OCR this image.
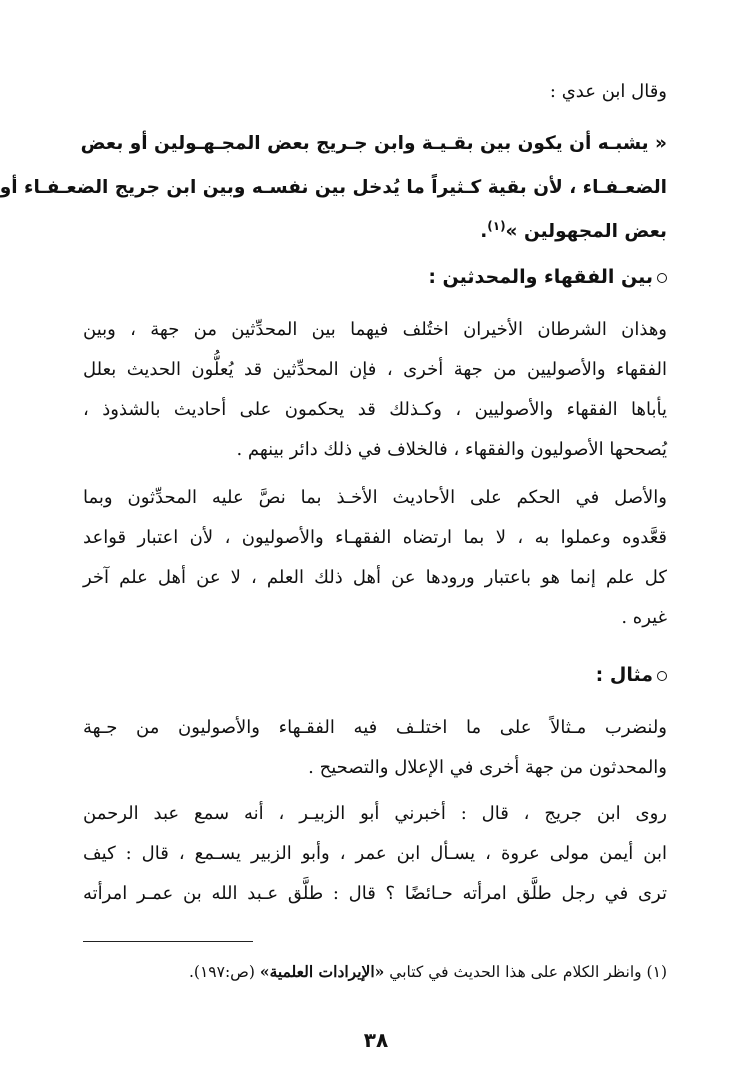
وقال ابن عدي :
« يشبـه أن يكون بين بقـيـة وابن جـريج بعض المجـهـولين أو بعض
الضعـفـاء ، لأن بقية كـثيراً ما يُدخل بين نفسـه وبين ابن جريج الضعـفـاء أو
بعض المجهولين »$^{(١)}$.
بين الفقهاء والمحدثين :
وهذان الشرطان الأخيران اختُلف فيهما بين المحدِّثين من جهة ، وبين
الفقهاء والأصوليين من جهة أخرى ، فإن المحدِّثين قد يُعلُّون الحديث بعلل
يأباها الفقهاء والأصوليين ، وكـذلك قد يحكمون على أحاديث بالشذوذ ،
يُصححها الأصوليون والفقهاء ، فالخلاف في ذلك دائر بينهم .
والأصل في الحكم على الأحاديث الأخـذ بما نصَّ عليه المحدِّثون وبما
قعَّدوه وعملوا به ، لا بما ارتضاه الفقهـاء والأصوليون ، لأن اعتبار قواعد
كل علم إنما هو باعتبار ورودها عن أهل ذلك العلم ، لا عن أهل علم آخر
غيره .
مثال :
ولنضرب مـثالاً على ما اختلـف فيه الفقـهاء والأصوليون من جـهة
والمحدثون من جهة أخرى في الإعلال والتصحيح .
روى ابن جريج ، قال : أخبرني أبو الزبيـر ، أنه سمع عبد الرحمن
ابن أيمن مولى عروة ، يسـأل ابن عمر ، وأبو الزبير يسـمع ، قال : كيف
ترى في رجل طلَّق امرأته حـائضًا ؟ قال : طلَّق عـبد الله بن عمـر امرأته
(١) وانظر الكلام على هذا الحديث في كتابي «الإيرادات العلمية» (ص:١٩٧).
٣٨
